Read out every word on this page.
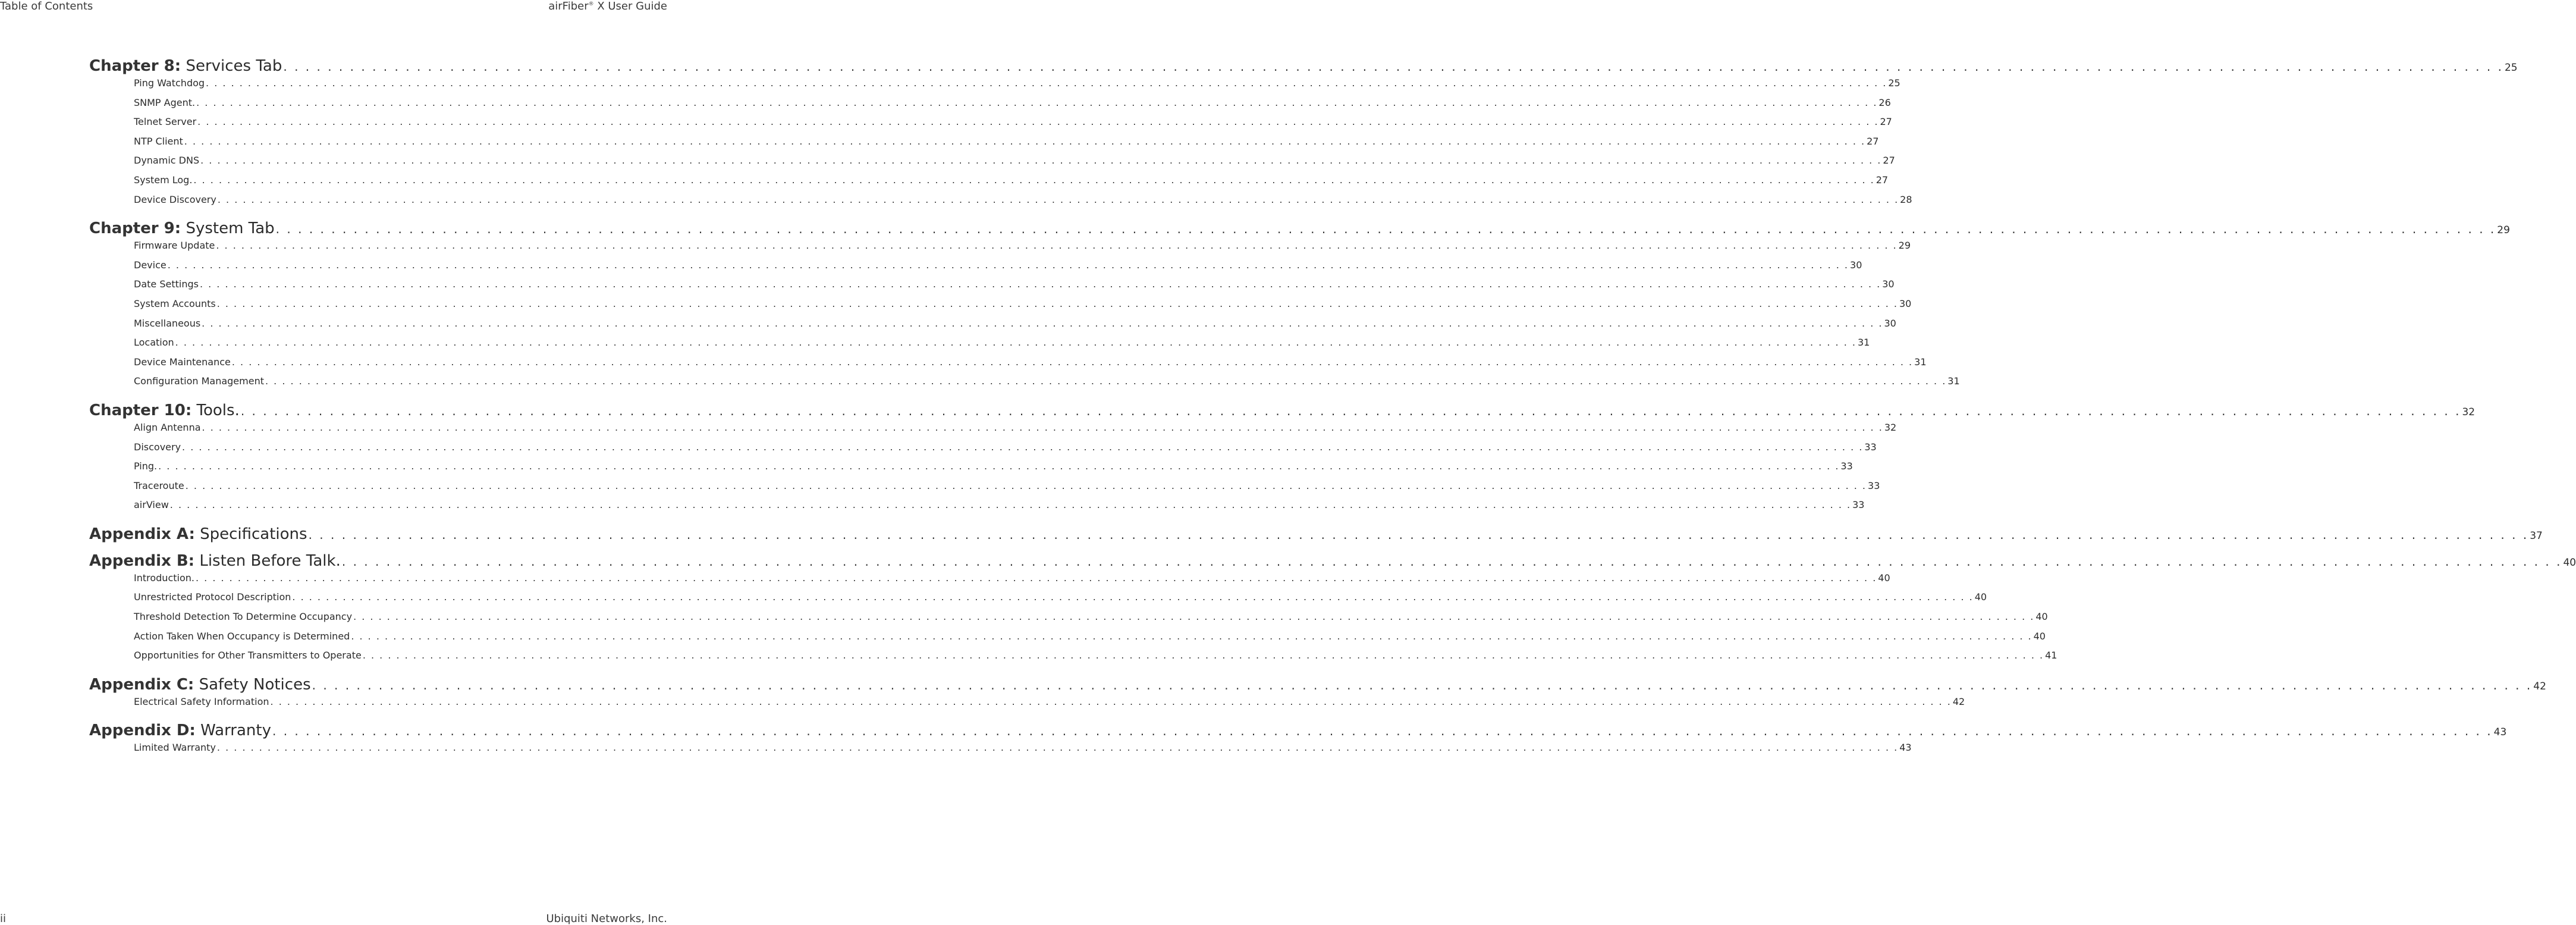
Table of Contents	airFiber® X User Guide
Chapter 8: Services Tab . . . . . . . . . . . . . . . . . . . . . . . . . . . . . . . . . . . . . . . . . . . . . . . . . . . . . . . . . . . . . . . . . . . . . . . . . . . . . . . . . . . . . . . . . . . . . . . . . . . . . . . . . . . . . . . . . . . . . . . . . . . . . . . . . . . . . . . . . . . . . . . . . . . . . . . . . . . . . . . . . . . . . . . . . . . . . . . . . . . . . . . . . . . . . . . . . . . . . . . . 25
Ping Watchdog . . . . . . . . . . . . . . . . . . . . . . . . . . . . . . . . . . . . . . . . . . . . . . . . . . . . . . . . . . . . . . . . . . . . . . . . . . . . . . . . . . . . . . . . . . . . . . . . . . . . . . . . . . . . . . . . . . . . . . . . . . . . . . . . . . . . . . . . . . . . . . . . . . . . . . . . . . . . . . . . . . . . . . . . . . . . . . . . . . . . . . . . . . . . . . . . . . . . . . . . 25
SNMP Agent. . . . . . . . . . . . . . . . . . . . . . . . . . . . . . . . . . . . . . . . . . . . . . . . . . . . . . . . . . . . . . . . . . . . . . . . . . . . . . . . . . . . . . . . . . . . . . . . . . . . . . . . . . . . . . . . . . . . . . . . . . . . . . . . . . . . . . . . . . . . . . . . . . . . . . . . . . . . . . . . . . . . . . . . . . . . . . . . . . . . . . . . . . . . . . . . . . . . . . . . . 26
Telnet Server . . . . . . . . . . . . . . . . . . . . . . . . . . . . . . . . . . . . . . . . . . . . . . . . . . . . . . . . . . . . . . . . . . . . . . . . . . . . . . . . . . . . . . . . . . . . . . . . . . . . . . . . . . . . . . . . . . . . . . . . . . . . . . . . . . . . . . . . . . . . . . . . . . . . . . . . . . . . . . . . . . . . . . . . . . . . . . . . . . . . . . . . . . . . . . . . . . . . . . . . 27
NTP Client . . . . . . . . . . . . . . . . . . . . . . . . . . . . . . . . . . . . . . . . . . . . . . . . . . . . . . . . . . . . . . . . . . . . . . . . . . . . . . . . . . . . . . . . . . . . . . . . . . . . . . . . . . . . . . . . . . . . . . . . . . . . . . . . . . . . . . . . . . . . . . . . . . . . . . . . . . . . . . . . . . . . . . . . . . . . . . . . . . . . . . . . . . . . . . . . . . . . . . . . 27
Dynamic DNS . . . . . . . . . . . . . . . . . . . . . . . . . . . . . . . . . . . . . . . . . . . . . . . . . . . . . . . . . . . . . . . . . . . . . . . . . . . . . . . . . . . . . . . . . . . . . . . . . . . . . . . . . . . . . . . . . . . . . . . . . . . . . . . . . . . . . . . . . . . . . . . . . . . . . . . . . . . . . . . . . . . . . . . . . . . . . . . . . . . . . . . . . . . . . . . . . . . . . . . . 27
System Log. . . . . . . . . . . . . . . . . . . . . . . . . . . . . . . . . . . . . . . . . . . . . . . . . . . . . . . . . . . . . . . . . . . . . . . . . . . . . . . . . . . . . . . . . . . . . . . . . . . . . . . . . . . . . . . . . . . . . . . . . . . . . . . . . . . . . . . . . . . . . . . . . . . . . . . . . . . . . . . . . . . . . . . . . . . . . . . . . . . . . . . . . . . . . . . . . . . . . . . . . 27
Device Discovery . . . . . . . . . . . . . . . . . . . . . . . . . . . . . . . . . . . . . . . . . . . . . . . . . . . . . . . . . . . . . . . . . . . . . . . . . . . . . . . . . . . . . . . . . . . . . . . . . . . . . . . . . . . . . . . . . . . . . . . . . . . . . . . . . . . . . . . . . . . . . . . . . . . . . . . . . . . . . . . . . . . . . . . . . . . . . . . . . . . . . . . . . . . . . . . . . . . . . . . . 28
Chapter 9: System Tab . . . . . . . . . . . . . . . . . . . . . . . . . . . . . . . . . . . . . . . . . . . . . . . . . . . . . . . . . . . . . . . . . . . . . . . . . . . . . . . . . . . . . . . . . . . . . . . . . . . . . . . . . . . . . . . . . . . . . . . . . . . . . . . . . . . . . . . . . . . . . . . . . . . . . . . . . . . . . . . . . . . . . . . . . . . . . . . . . . . . . . . . . . . . . . . . . . . . . . . . 29
Firmware Update . . . . . . . . . . . . . . . . . . . . . . . . . . . . . . . . . . . . . . . . . . . . . . . . . . . . . . . . . . . . . . . . . . . . . . . . . . . . . . . . . . . . . . . . . . . . . . . . . . . . . . . . . . . . . . . . . . . . . . . . . . . . . . . . . . . . . . . . . . . . . . . . . . . . . . . . . . . . . . . . . . . . . . . . . . . . . . . . . . . . . . . . . . . . . . . . . . . . . . . . 29
Device . . . . . . . . . . . . . . . . . . . . . . . . . . . . . . . . . . . . . . . . . . . . . . . . . . . . . . . . . . . . . . . . . . . . . . . . . . . . . . . . . . . . . . . . . . . . . . . . . . . . . . . . . . . . . . . . . . . . . . . . . . . . . . . . . . . . . . . . . . . . . . . . . . . . . . . . . . . . . . . . . . . . . . . . . . . . . . . . . . . . . . . . . . . . . . . . . . . . . . . . 30
Date Settings . . . . . . . . . . . . . . . . . . . . . . . . . . . . . . . . . . . . . . . . . . . . . . . . . . . . . . . . . . . . . . . . . . . . . . . . . . . . . . . . . . . . . . . . . . . . . . . . . . . . . . . . . . . . . . . . . . . . . . . . . . . . . . . . . . . . . . . . . . . . . . . . . . . . . . . . . . . . . . . . . . . . . . . . . . . . . . . . . . . . . . . . . . . . . . . . . . . . . . . . 30
System Accounts . . . . . . . . . . . . . . . . . . . . . . . . . . . . . . . . . . . . . . . . . . . . . . . . . . . . . . . . . . . . . . . . . . . . . . . . . . . . . . . . . . . . . . . . . . . . . . . . . . . . . . . . . . . . . . . . . . . . . . . . . . . . . . . . . . . . . . . . . . . . . . . . . . . . . . . . . . . . . . . . . . . . . . . . . . . . . . . . . . . . . . . . . . . . . . . . . . . . . . . . 30
Miscellaneous . . . . . . . . . . . . . . . . . . . . . . . . . . . . . . . . . . . . . . . . . . . . . . . . . . . . . . . . . . . . . . . . . . . . . . . . . . . . . . . . . . . . . . . . . . . . . . . . . . . . . . . . . . . . . . . . . . . . . . . . . . . . . . . . . . . . . . . . . . . . . . . . . . . . . . . . . . . . . . . . . . . . . . . . . . . . . . . . . . . . . . . . . . . . . . . . . . . . . . . . 30
Location . . . . . . . . . . . . . . . . . . . . . . . . . . . . . . . . . . . . . . . . . . . . . . . . . . . . . . . . . . . . . . . . . . . . . . . . . . . . . . . . . . . . . . . . . . . . . . . . . . . . . . . . . . . . . . . . . . . . . . . . . . . . . . . . . . . . . . . . . . . . . . . . . . . . . . . . . . . . . . . . . . . . . . . . . . . . . . . . . . . . . . . . . . . . . . . . . . . . . . . . 31
Device Maintenance . . . . . . . . . . . . . . . . . . . . . . . . . . . . . . . . . . . . . . . . . . . . . . . . . . . . . . . . . . . . . . . . . . . . . . . . . . . . . . . . . . . . . . . . . . . . . . . . . . . . . . . . . . . . . . . . . . . . . . . . . . . . . . . . . . . . . . . . . . . . . . . . . . . . . . . . . . . . . . . . . . . . . . . . . . . . . . . . . . . . . . . . . . . . . . . . . . . . . . . . 31
Configuration Management . . . . . . . . . . . . . . . . . . . . . . . . . . . . . . . . . . . . . . . . . . . . . . . . . . . . . . . . . . . . . . . . . . . . . . . . . . . . . . . . . . . . . . . . . . . . . . . . . . . . . . . . . . . . . . . . . . . . . . . . . . . . . . . . . . . . . . . . . . . . . . . . . . . . . . . . . . . . . . . . . . . . . . . . . . . . . . . . . . . . . . . . . . . . . . . . . . . . . . . . 31
Chapter 10: Tools. . . . . . . . . . . . . . . . . . . . . . . . . . . . . . . . . . . . . . . . . . . . . . . . . . . . . . . . . . . . . . . . . . . . . . . . . . . . . . . . . . . . . . . . . . . . . . . . . . . . . . . . . . . . . . . . . . . . . . . . . . . . . . . . . . . . . . . . . . . . . . . . . . . . . . . . . . . . . . . . . . . . . . . . . . . . . . . . . . . . . . . . . . . . . . . . . . . . . . . . . 32
Align Antenna . . . . . . . . . . . . . . . . . . . . . . . . . . . . . . . . . . . . . . . . . . . . . . . . . . . . . . . . . . . . . . . . . . . . . . . . . . . . . . . . . . . . . . . . . . . . . . . . . . . . . . . . . . . . . . . . . . . . . . . . . . . . . . . . . . . . . . . . . . . . . . . . . . . . . . . . . . . . . . . . . . . . . . . . . . . . . . . . . . . . . . . . . . . . . . . . . . . . . . . . 32
Discovery . . . . . . . . . . . . . . . . . . . . . . . . . . . . . . . . . . . . . . . . . . . . . . . . . . . . . . . . . . . . . . . . . . . . . . . . . . . . . . . . . . . . . . . . . . . . . . . . . . . . . . . . . . . . . . . . . . . . . . . . . . . . . . . . . . . . . . . . . . . . . . . . . . . . . . . . . . . . . . . . . . . . . . . . . . . . . . . . . . . . . . . . . . . . . . . . . . . . . . . . 33
Ping. . . . . . . . . . . . . . . . . . . . . . . . . . . . . . . . . . . . . . . . . . . . . . . . . . . . . . . . . . . . . . . . . . . . . . . . . . . . . . . . . . . . . . . . . . . . . . . . . . . . . . . . . . . . . . . . . . . . . . . . . . . . . . . . . . . . . . . . . . . . . . . . . . . . . . . . . . . . . . . . . . . . . . . . . . . . . . . . . . . . . . . . . . . . . . . . . . . . . . . . . 33
Traceroute . . . . . . . . . . . . . . . . . . . . . . . . . . . . . . . . . . . . . . . . . . . . . . . . . . . . . . . . . . . . . . . . . . . . . . . . . . . . . . . . . . . . . . . . . . . . . . . . . . . . . . . . . . . . . . . . . . . . . . . . . . . . . . . . . . . . . . . . . . . . . . . . . . . . . . . . . . . . . . . . . . . . . . . . . . . . . . . . . . . . . . . . . . . . . . . . . . . . . . . . 33
airView . . . . . . . . . . . . . . . . . . . . . . . . . . . . . . . . . . . . . . . . . . . . . . . . . . . . . . . . . . . . . . . . . . . . . . . . . . . . . . . . . . . . . . . . . . . . . . . . . . . . . . . . . . . . . . . . . . . . . . . . . . . . . . . . . . . . . . . . . . . . . . . . . . . . . . . . . . . . . . . . . . . . . . . . . . . . . . . . . . . . . . . . . . . . . . . . . . . . . . . . 33
Appendix A: Specifications . . . . . . . . . . . . . . . . . . . . . . . . . . . . . . . . . . . . . . . . . . . . . . . . . . . . . . . . . . . . . . . . . . . . . . . . . . . . . . . . . . . . . . . . . . . . . . . . . . . . . . . . . . . . . . . . . . . . . . . . . . . . . . . . . . . . . . . . . . . . . . . . . . . . . . . . . . . . . . . . . . . . . . . . . . . . . . . . . . . . . . . . . . . . . . . . . . . . . . . . 37
Appendix B: Listen Before Talk. . . . . . . . . . . . . . . . . . . . . . . . . . . . . . . . . . . . . . . . . . . . . . . . . . . . . . . . . . . . . . . . . . . . . . . . . . . . . . . . . . . . . . . . . . . . . . . . . . . . . . . . . . . . . . . . . . . . . . . . . . . . . . . . . . . . . . . . . . . . . . . . . . . . . . . . . . . . . . . . . . . . . . . . . . . . . . . . . . . . . . . . . . . . . . . . . . . . . . . . . 40
Introduction. . . . . . . . . . . . . . . . . . . . . . . . . . . . . . . . . . . . . . . . . . . . . . . . . . . . . . . . . . . . . . . . . . . . . . . . . . . . . . . . . . . . . . . . . . . . . . . . . . . . . . . . . . . . . . . . . . . . . . . . . . . . . . . . . . . . . . . . . . . . . . . . . . . . . . . . . . . . . . . . . . . . . . . . . . . . . . . . . . . . . . . . . . . . . . . . . . . . . . . . . 40
Unrestricted Protocol Description . . . . . . . . . . . . . . . . . . . . . . . . . . . . . . . . . . . . . . . . . . . . . . . . . . . . . . . . . . . . . . . . . . . . . . . . . . . . . . . . . . . . . . . . . . . . . . . . . . . . . . . . . . . . . . . . . . . . . . . . . . . . . . . . . . . . . . . . . . . . . . . . . . . . . . . . . . . . . . . . . . . . . . . . . . . . . . . . . . . . . . . . . . . . . . . . . . . . . . . . 40
Threshold Detection To Determine Occupancy . . . . . . . . . . . . . . . . . . . . . . . . . . . . . . . . . . . . . . . . . . . . . . . . . . . . . . . . . . . . . . . . . . . . . . . . . . . . . . . . . . . . . . . . . . . . . . . . . . . . . . . . . . . . . . . . . . . . . . . . . . . . . . . . . . . . . . . . . . . . . . . . . . . . . . . . . . . . . . . . . . . . . . . . . . . . . . . . . . . . . . . . . . . . . . . . . . . . . . . . 40
Action Taken When Occupancy is Determined . . . . . . . . . . . . . . . . . . . . . . . . . . . . . . . . . . . . . . . . . . . . . . . . . . . . . . . . . . . . . . . . . . . . . . . . . . . . . . . . . . . . . . . . . . . . . . . . . . . . . . . . . . . . . . . . . . . . . . . . . . . . . . . . . . . . . . . . . . . . . . . . . . . . . . . . . . . . . . . . . . . . . . . . . . . . . . . . . . . . . . . . . . . . . . . . . . . . . . . . 40
Opportunities for Other Transmitters to Operate . . . . . . . . . . . . . . . . . . . . . . . . . . . . . . . . . . . . . . . . . . . . . . . . . . . . . . . . . . . . . . . . . . . . . . . . . . . . . . . . . . . . . . . . . . . . . . . . . . . . . . . . . . . . . . . . . . . . . . . . . . . . . . . . . . . . . . . . . . . . . . . . . . . . . . . . . . . . . . . . . . . . . . . . . . . . . . . . . . . . . . . . . . . . . . . . . . . . . . . . 41
Appendix C: Safety Notices . . . . . . . . . . . . . . . . . . . . . . . . . . . . . . . . . . . . . . . . . . . . . . . . . . . . . . . . . . . . . . . . . . . . . . . . . . . . . . . . . . . . . . . . . . . . . . . . . . . . . . . . . . . . . . . . . . . . . . . . . . . . . . . . . . . . . . . . . . . . . . . . . . . . . . . . . . . . . . . . . . . . . . . . . . . . . . . . . . . . . . . . . . . . . . . . . . . . . . . . 42
Electrical Safety Information . . . . . . . . . . . . . . . . . . . . . . . . . . . . . . . . . . . . . . . . . . . . . . . . . . . . . . . . . . . . . . . . . . . . . . . . . . . . . . . . . . . . . . . . . . . . . . . . . . . . . . . . . . . . . . . . . . . . . . . . . . . . . . . . . . . . . . . . . . . . . . . . . . . . . . . . . . . . . . . . . . . . . . . . . . . . . . . . . . . . . . . . . . . . . . . . . . . . . . . . 42
Appendix D: Warranty . . . . . . . . . . . . . . . . . . . . . . . . . . . . . . . . . . . . . . . . . . . . . . . . . . . . . . . . . . . . . . . . . . . . . . . . . . . . . . . . . . . . . . . . . . . . . . . . . . . . . . . . . . . . . . . . . . . . . . . . . . . . . . . . . . . . . . . . . . . . . . . . . . . . . . . . . . . . . . . . . . . . . . . . . . . . . . . . . . . . . . . . . . . . . . . . . . . . . . . . 43
Limited Warranty . . . . . . . . . . . . . . . . . . . . . . . . . . . . . . . . . . . . . . . . . . . . . . . . . . . . . . . . . . . . . . . . . . . . . . . . . . . . . . . . . . . . . . . . . . . . . . . . . . . . . . . . . . . . . . . . . . . . . . . . . . . . . . . . . . . . . . . . . . . . . . . . . . . . . . . . . . . . . . . . . . . . . . . . . . . . . . . . . . . . . . . . . . . . . . . . . . . . . . . . 43
ii	Ubiquiti Networks, Inc.
